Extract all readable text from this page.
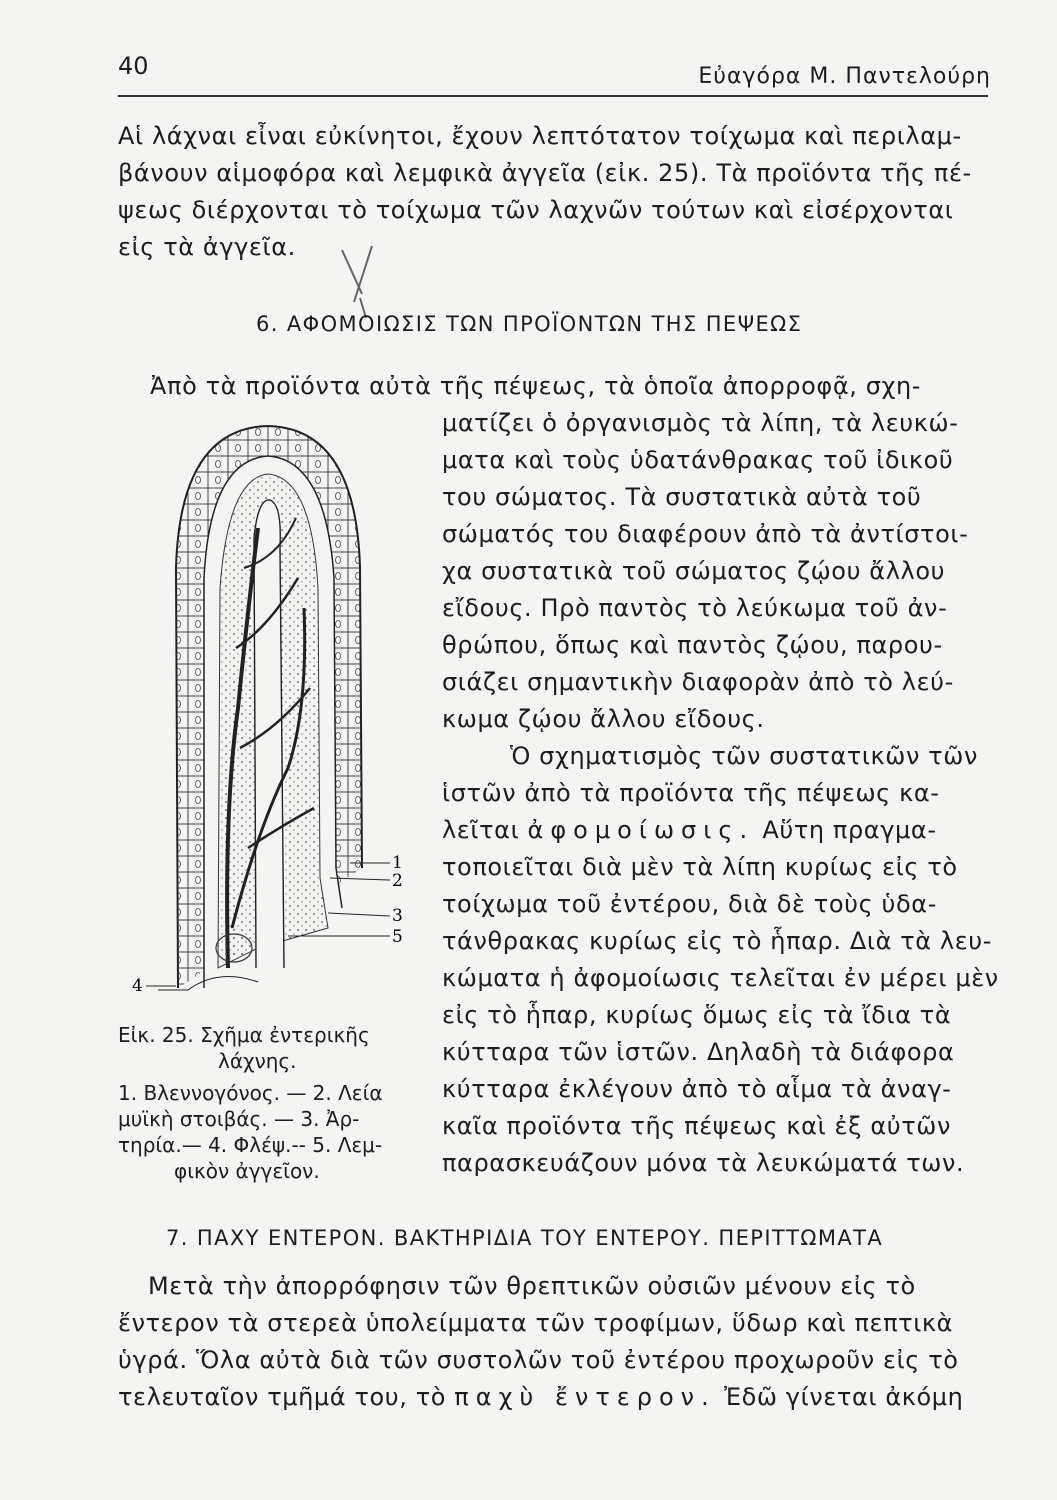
40	Εὐαγόρα Μ. Παντελούρη
Αἱ λάχναι εἶναι εὐκίνητοι, ἔχουν λεπτότατον τοίχωμα καὶ περιλαμ-
βάνουν αἱμοφόρα καὶ λεμφικὰ ἀγγεῖα (εἰκ. 25). Τὰ προϊόντα τῆς πέ-
ψεως διέρχονται τὸ τοίχωμα τῶν λαχνῶν τούτων καὶ εἰσέρχονται
εἰς τὰ ἀγγεῖα.
6. ΑΦΟΜΟΙΩΣΙΣ ΤΩΝ ΠΡΟΪΟΝΤΩΝ ΤΗΣ ΠΕΨΕΩΣ
Ἀπὸ τὰ προϊόντα αὐτὰ τῆς πέψεως, τὰ ὁποῖα ἀπορροφᾷ, σχη-
ματίζει ὁ ὀργανισμὸς τὰ λίπη, τὰ λευκώ-
ματα καὶ τοὺς ὑδατάνθρακας τοῦ ἰδικοῦ
του σώματος. Τὰ συστατικὰ αὐτὰ τοῦ
σώματός του διαφέρουν ἀπὸ τὰ ἀντίστοι-
χα συστατικὰ τοῦ σώματος ζῴου ἄλλου
εἴδους. Πρὸ παντὸς τὸ λεύκωμα τοῦ ἀν-
θρώπου, ὅπως καὶ παντὸς ζῴου, παρου-
σιάζει σημαντικὴν διαφορὰν ἀπὸ τὸ λεύ-
κωμα ζῴου ἄλλου εἴδους.
Ὁ σχηματισμὸς τῶν συστατικῶν τῶν
ἱστῶν ἀπὸ τὰ προϊόντα τῆς πέψεως κα-
λεῖται ἀφομοίωσις. Αὕτη πραγμα-
τοποιεῖται διὰ μὲν τὰ λίπη κυρίως εἰς τὸ
τοίχωμα τοῦ ἐντέρου, διὰ δὲ τοὺς ὑδα-
τάνθρακας κυρίως εἰς τὸ ἧπαρ. Διὰ τὰ λευ-
κώματα ἡ ἀφομοίωσις τελεῖται ἐν μέρει μὲν
εἰς τὸ ἧπαρ, κυρίως ὅμως εἰς τὰ ἴδια τὰ
κύτταρα τῶν ἱστῶν. Δηλαδὴ τὰ διάφορα
κύτταρα ἐκλέγουν ἀπὸ τὸ αἷμα τὰ ἀναγ-
καῖα προϊόντα τῆς πέψεως καὶ ἐξ αὐτῶν
παρασκευάζουν μόνα τὰ λευκώματά των.
1
2
3
5
4
Εἰκ. 25. Σχῆμα ἐντερικῆς
λάχνης.
1. Βλεννογόνος. — 2. Λεία
μυϊκὴ στοιβάς. — 3. Ἀρ-
τηρία.— 4. Φλέψ.-- 5. Λεμ-
φικὸν ἀγγεῖον.
7. ΠΑΧΥ ΕΝΤΕΡΟΝ. ΒΑΚΤΗΡΙΔΙΑ ΤΟΥ ΕΝΤΕΡΟΥ. ΠΕΡΙΤΤΩΜΑΤΑ
Μετὰ τὴν ἀπορρόφησιν τῶν θρεπτικῶν οὐσιῶν μένουν εἰς τὸ
ἔντερον τὰ στερεὰ ὑπολείμματα τῶν τροφίμων, ὕδωρ καὶ πεπτικὰ
ὑγρά. Ὅλα αὐτὰ διὰ τῶν συστολῶν τοῦ ἐντέρου προχωροῦν εἰς τὸ
τελευταῖον τμῆμά του, τὸ παχὺ ἔντερον. Ἐδῶ γίνεται ἀκόμη
